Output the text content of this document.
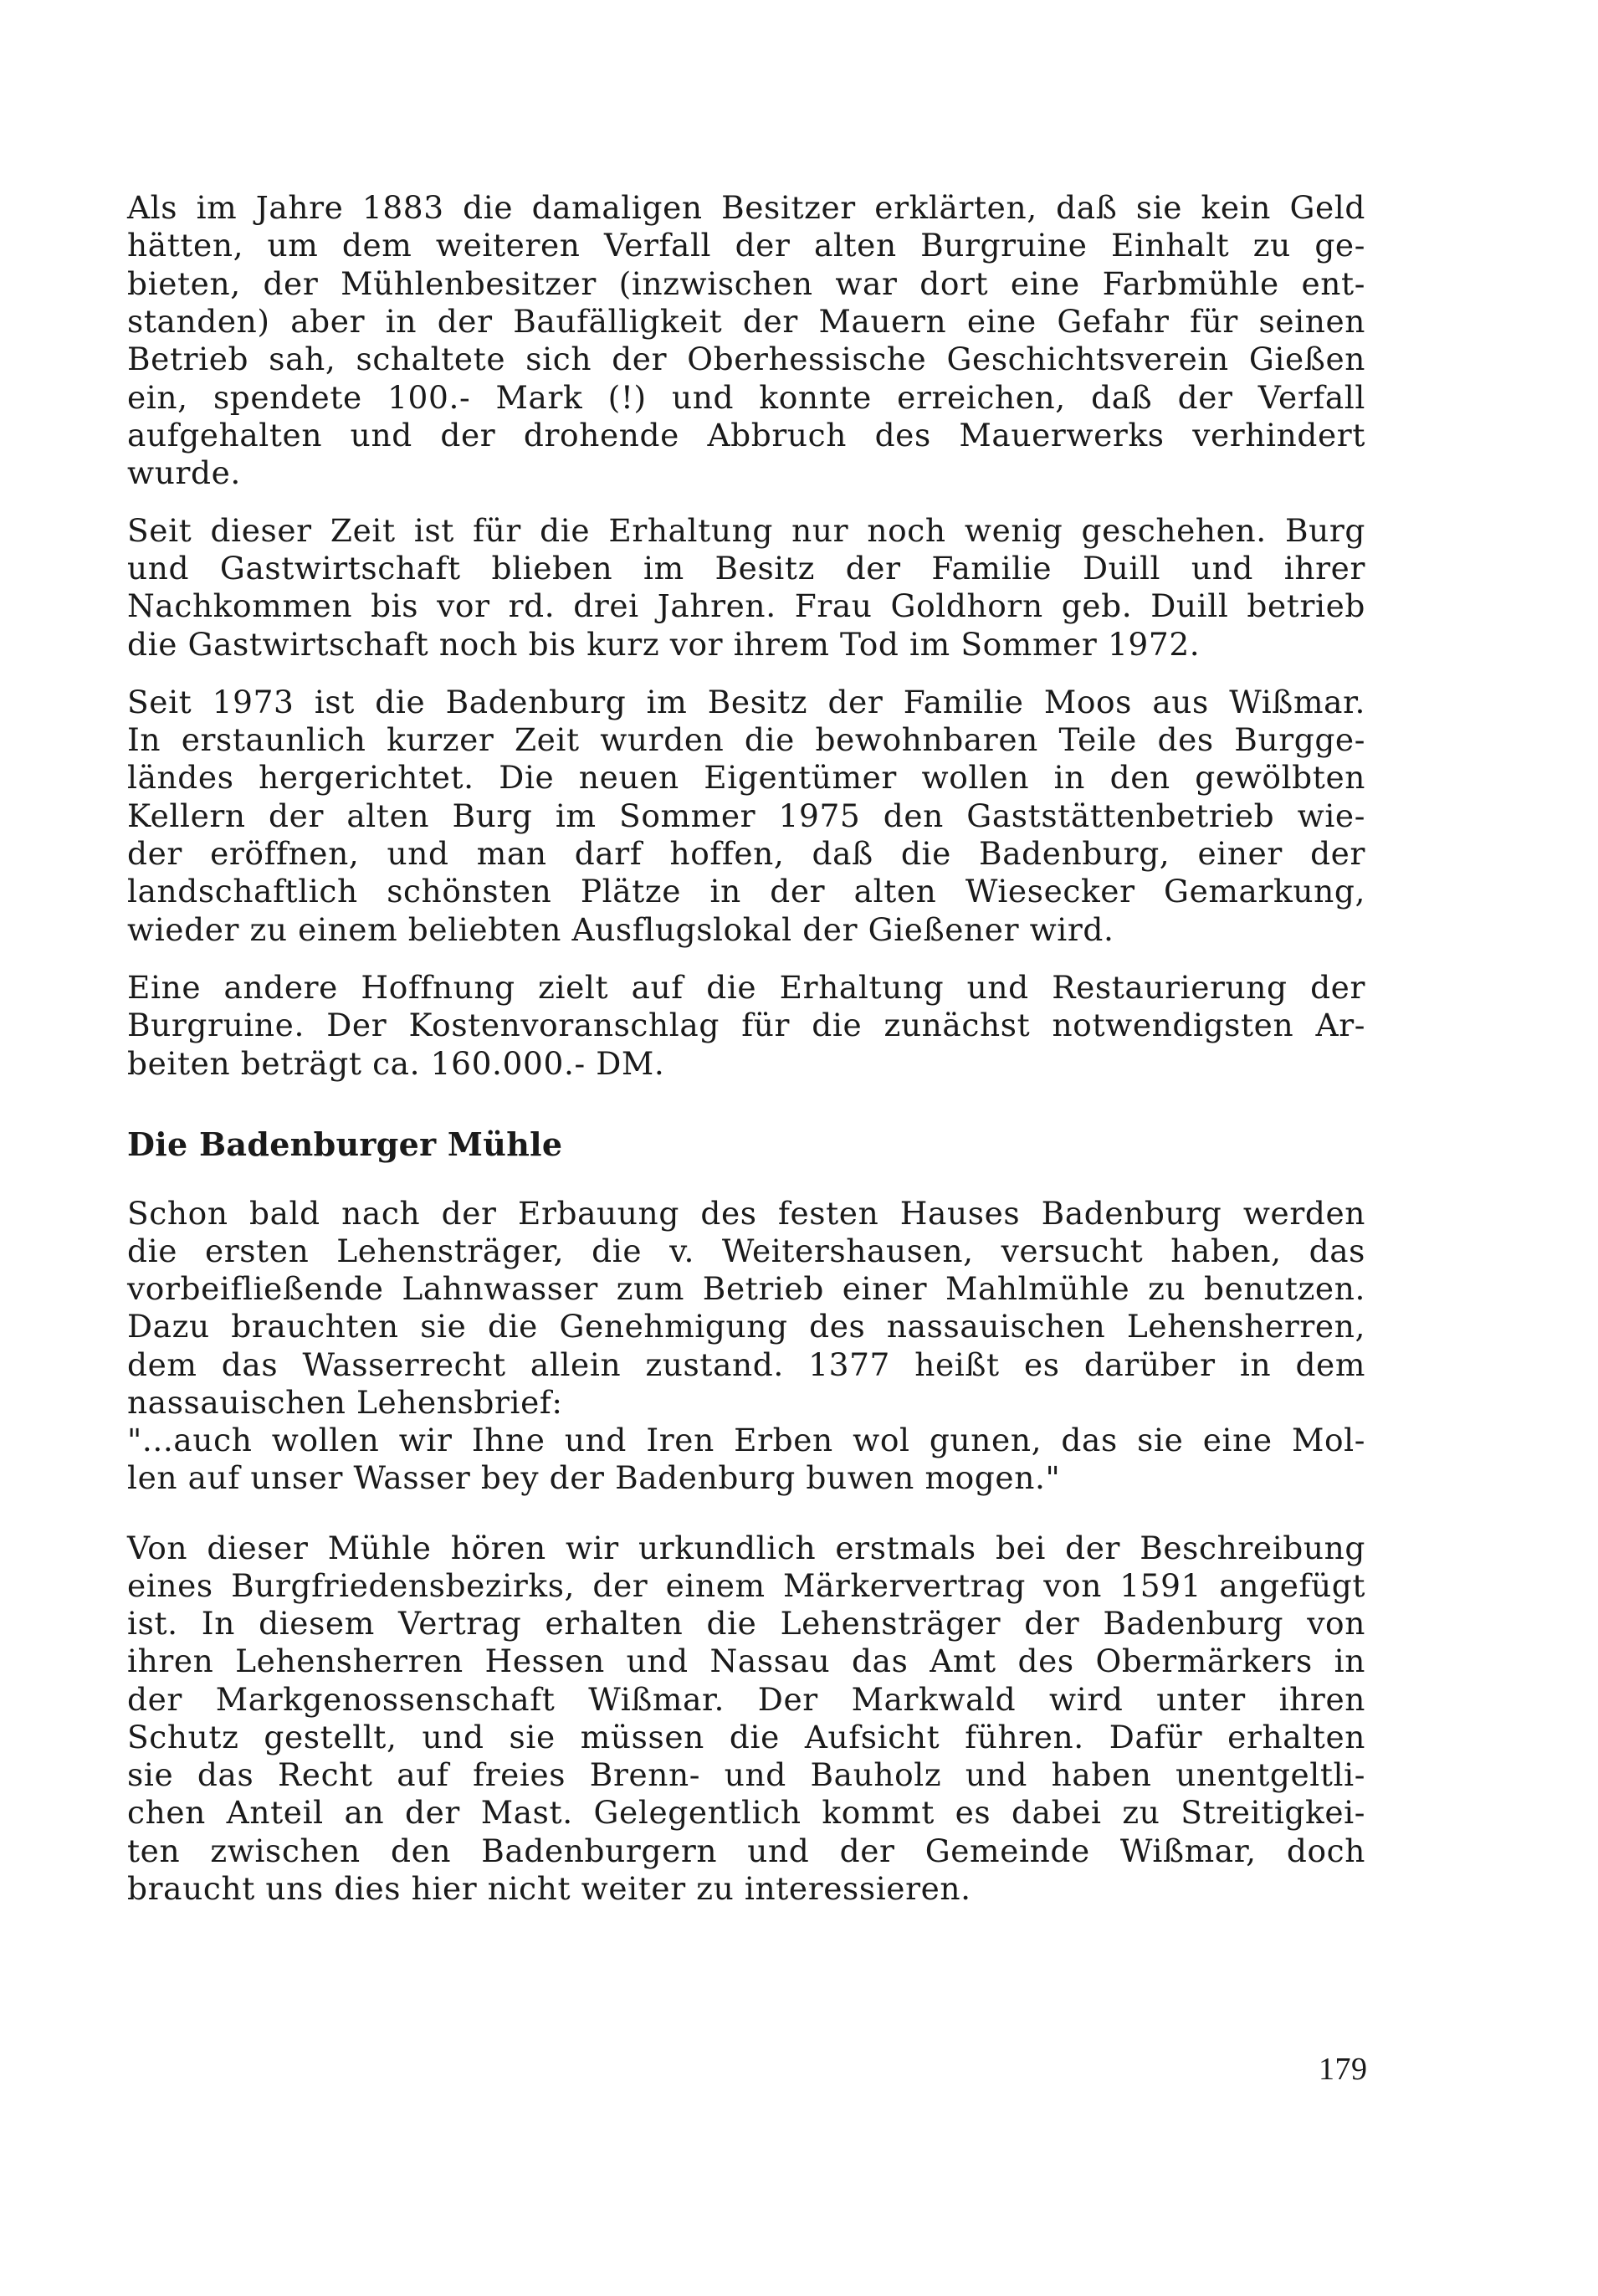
Als im Jahre 1883 die damaligen Besitzer erklärten, daß sie kein Geld
hätten, um dem weiteren Verfall der alten Burgruine Einhalt zu ge-
bieten, der Mühlenbesitzer (inzwischen war dort eine Farbmühle ent-
standen) aber in der Baufälligkeit der Mauern eine Gefahr für seinen
Betrieb sah, schaltete sich der Oberhessische Geschichtsverein Gießen
ein, spendete 100.- Mark (!) und konnte erreichen, daß der Verfall
aufgehalten und der drohende Abbruch des Mauerwerks verhindert
wurde.
Seit dieser Zeit ist für die Erhaltung nur noch wenig geschehen. Burg
und Gastwirtschaft blieben im Besitz der Familie Duill und ihrer
Nachkommen bis vor rd. drei Jahren. Frau Goldhorn geb. Duill betrieb
die Gastwirtschaft noch bis kurz vor ihrem Tod im Sommer 1972.
Seit 1973 ist die Badenburg im Besitz der Familie Moos aus Wißmar.
In erstaunlich kurzer Zeit wurden die bewohnbaren Teile des Burgge-
ländes hergerichtet. Die neuen Eigentümer wollen in den gewölbten
Kellern der alten Burg im Sommer 1975 den Gaststättenbetrieb wie-
der eröffnen, und man darf hoffen, daß die Badenburg, einer der
landschaftlich schönsten Plätze in der alten Wiesecker Gemarkung,
wieder zu einem beliebten Ausflugslokal der Gießener wird.
Eine andere Hoffnung zielt auf die Erhaltung und Restaurierung der
Burgruine. Der Kostenvoranschlag für die zunächst notwendigsten Ar-
beiten beträgt ca. 160.000.- DM.
Die Badenburger Mühle
Schon bald nach der Erbauung des festen Hauses Badenburg werden
die ersten Lehensträger, die v. Weitershausen, versucht haben, das
vorbeifließende Lahnwasser zum Betrieb einer Mahlmühle zu benutzen.
Dazu brauchten sie die Genehmigung des nassauischen Lehensherren,
dem das Wasserrecht allein zustand. 1377 heißt es darüber in dem
nassauischen Lehensbrief:
"...auch wollen wir Ihne und Iren Erben wol gunen, das sie eine Mol-
len auf unser Wasser bey der Badenburg buwen mogen."
Von dieser Mühle hören wir urkundlich erstmals bei der Beschreibung
eines Burgfriedensbezirks, der einem Märkervertrag von 1591 angefügt
ist. In diesem Vertrag erhalten die Lehensträger der Badenburg von
ihren Lehensherren Hessen und Nassau das Amt des Obermärkers in
der Markgenossenschaft Wißmar. Der Markwald wird unter ihren
Schutz gestellt, und sie müssen die Aufsicht führen. Dafür erhalten
sie das Recht auf freies Brenn- und Bauholz und haben unentgeltli-
chen Anteil an der Mast. Gelegentlich kommt es dabei zu Streitigkei-
ten zwischen den Badenburgern und der Gemeinde Wißmar, doch
braucht uns dies hier nicht weiter zu interessieren.
179
